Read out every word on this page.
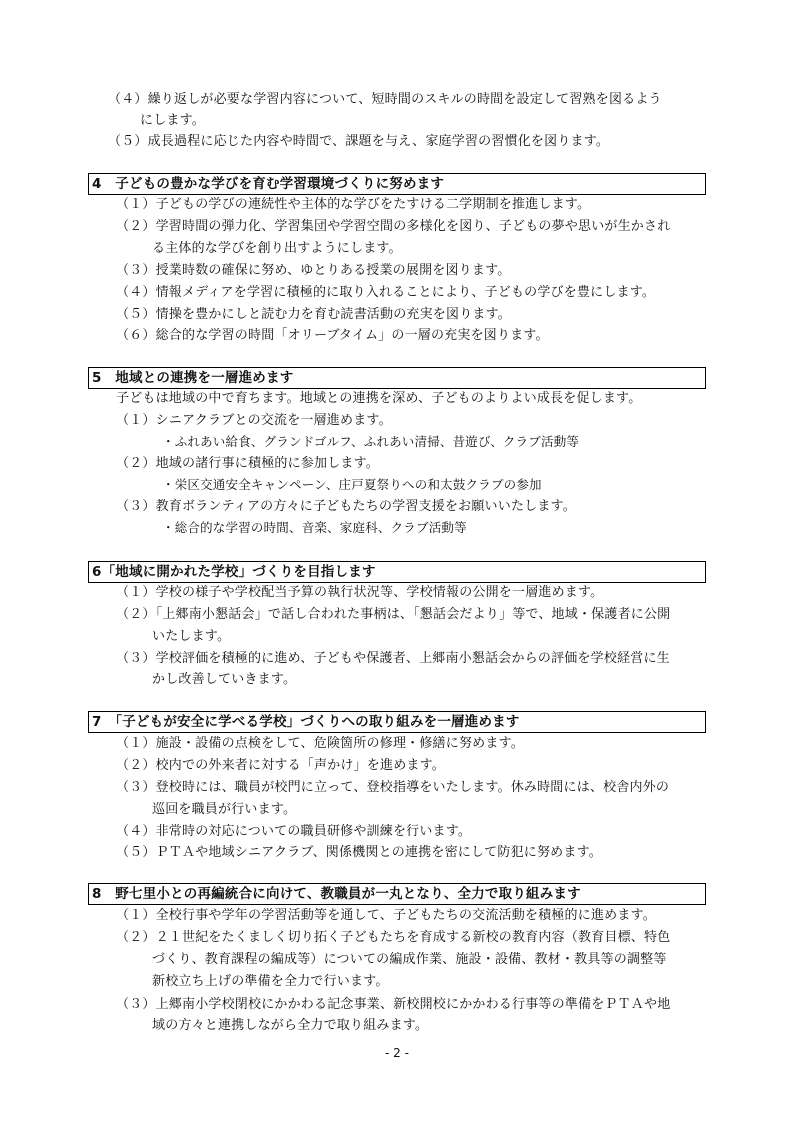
（４）繰り返しが必要な学習内容について、短時間のスキルの時間を設定して習熟を図るよう
にします。
（５）成長過程に応じた内容や時間で、課題を与え、家庭学習の習慣化を図ります。
4　子どもの豊かな学びを育む学習環境づくりに努めます
（１）子どもの学びの連続性や主体的な学びをたすける二学期制を推進します。
（２）学習時間の弾力化、学習集団や学習空間の多様化を図り、子どもの夢や思いが生かされ
る主体的な学びを創り出すようにします。
（３）授業時数の確保に努め、ゆとりある授業の展開を図ります。
（４）情報メディアを学習に積極的に取り入れることにより、子どもの学びを豊にします。
（５）情操を豊かにしと読む力を育む読書活動の充実を図ります。
（６）総合的な学習の時間「オリーブタイム」の一層の充実を図ります。
5　地域との連携を一層進めます
子どもは地域の中で育ちます。地域との連携を深め、子どものよりよい成長を促します。
（１）シニアクラブとの交流を一層進めます。
・ふれあい給食、グランドゴルフ、ふれあい清掃、昔遊び、クラブ活動等
（２）地域の諸行事に積極的に参加します。
・栄区交通安全キャンペーン、庄戸夏祭りへの和太鼓クラブの参加
（３）教育ボランティアの方々に子どもたちの学習支援をお願いいたします。
・総合的な学習の時間、音楽、家庭科、クラブ活動等
6「地域に開かれた学校」づくりを目指します
（１）学校の様子や学校配当予算の執行状況等、学校情報の公開を一層進めます。
（２）「上郷南小懇話会」で話し合われた事柄は、「懇話会だより」等で、地域・保護者に公開
いたします。
（３）学校評価を積極的に進め、子どもや保護者、上郷南小懇話会からの評価を学校経営に生
かし改善していきます。
7　「子どもが安全に学べる学校」づくりへの取り組みを一層進めます
（１）施設・設備の点検をして、危険箇所の修理・修繕に努めます。
（２）校内での外来者に対する「声かけ」を進めます。
（３）登校時には、職員が校門に立って、登校指導をいたします。休み時間には、校舎内外の
巡回を職員が行います。
（４）非常時の対応についての職員研修や訓練を行います。
（５）ＰＴＡや地域シニアクラブ、関係機関との連携を密にして防犯に努めます。
8　野七里小との再編統合に向けて、教職員が一丸となり、全力で取り組みます
（１）全校行事や学年の学習活動等を通して、子どもたちの交流活動を積極的に進めます。
（２）２１世紀をたくましく切り拓く子どもたちを育成する新校の教育内容（教育目標、特色
づくり、教育課程の編成等）についての編成作業、施設・設備、教材・教具等の調整等
新校立ち上げの準備を全力で行います。
（３）上郷南小学校閉校にかかわる記念事業、新校開校にかかわる行事等の準備をＰＴＡや地
域の方々と連携しながら全力で取り組みます。
- 2 -
